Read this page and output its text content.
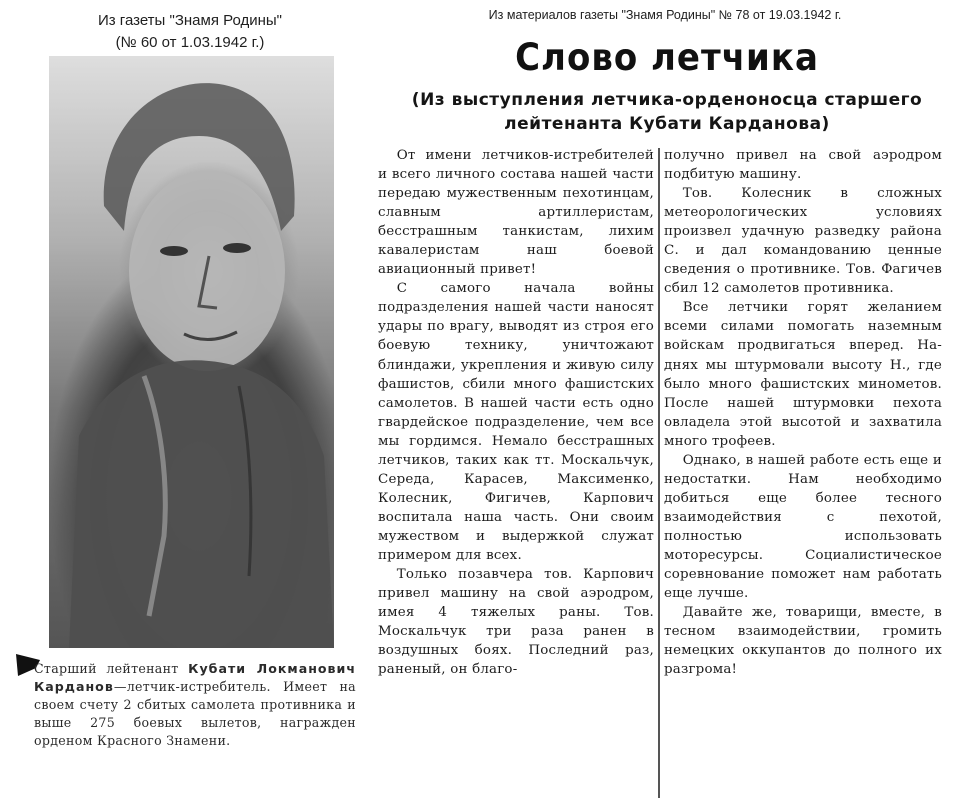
Из газеты "Знамя Родины"
(№ 60 от 1.03.1942 г.)
Из материалов газеты "Знамя Родины" № 78 от 19.03.1942 г.
Старший лейтенант Кубати Локманович Карданов—летчик-истребитель. Имеет на своем счету 2 сбитых самолета противника и выше 275 боевых вылетов, награжден орденом Красного Знамени.
Слово летчика
(Из выступления летчика-орденоносца старшего
лейтенанта Кубати Карданова)

От имени летчиков-истребителей и всего личного состава нашей части передаю мужественным пехотинцам, славным артиллеристам, бесстрашным танкистам, лихим кавалеристам наш боевой авиационный привет!

С самого начала войны подразделения нашей части наносят удары по врагу, выводят из строя его боевую технику, уничтожают блиндажи, укрепления и живую силу фашистов, сбили много фашистских самолетов. В нашей части есть одно гвардейское подразделение, чем все мы гордимся. Немало бесстрашных летчиков, таких как тт. Москальчук, Середа, Карасев, Максименко, Колесник, Фигичев, Карпович воспитала наша часть. Они своим мужеством и выдержкой служат примером для всех.

Только позавчера тов. Карпович привел машину на свой аэродром, имея 4 тяжелых раны. Тов. Москальчук три раза ранен в воздушных боях. Последний раз, раненый, он благо-

получно привел на свой аэродром подбитую машину.

Тов. Колесник в сложных метеорологических условиях произвел удачную разведку района С. и дал командованию ценные сведения о противнике. Тов. Фагичев сбил 12 самолетов противника.

Все летчики горят желанием всеми силами помогать наземным войскам продвигаться вперед. На-днях мы штурмовали высоту Н., где было много фашистских минометов. После нашей штурмовки пехота овладела этой высотой и захватила много трофеев.

Однако, в нашей работе есть еще и недостатки. Нам необходимо добиться еще более тесного взаимодействия с пехотой, полностью использовать моторесурсы. Социалистическое соревнование поможет нам работать еще лучше.

Давайте же, товарищи, вместе, в тесном взаимодействии, громить немецких оккупантов до полного их разгрома!
